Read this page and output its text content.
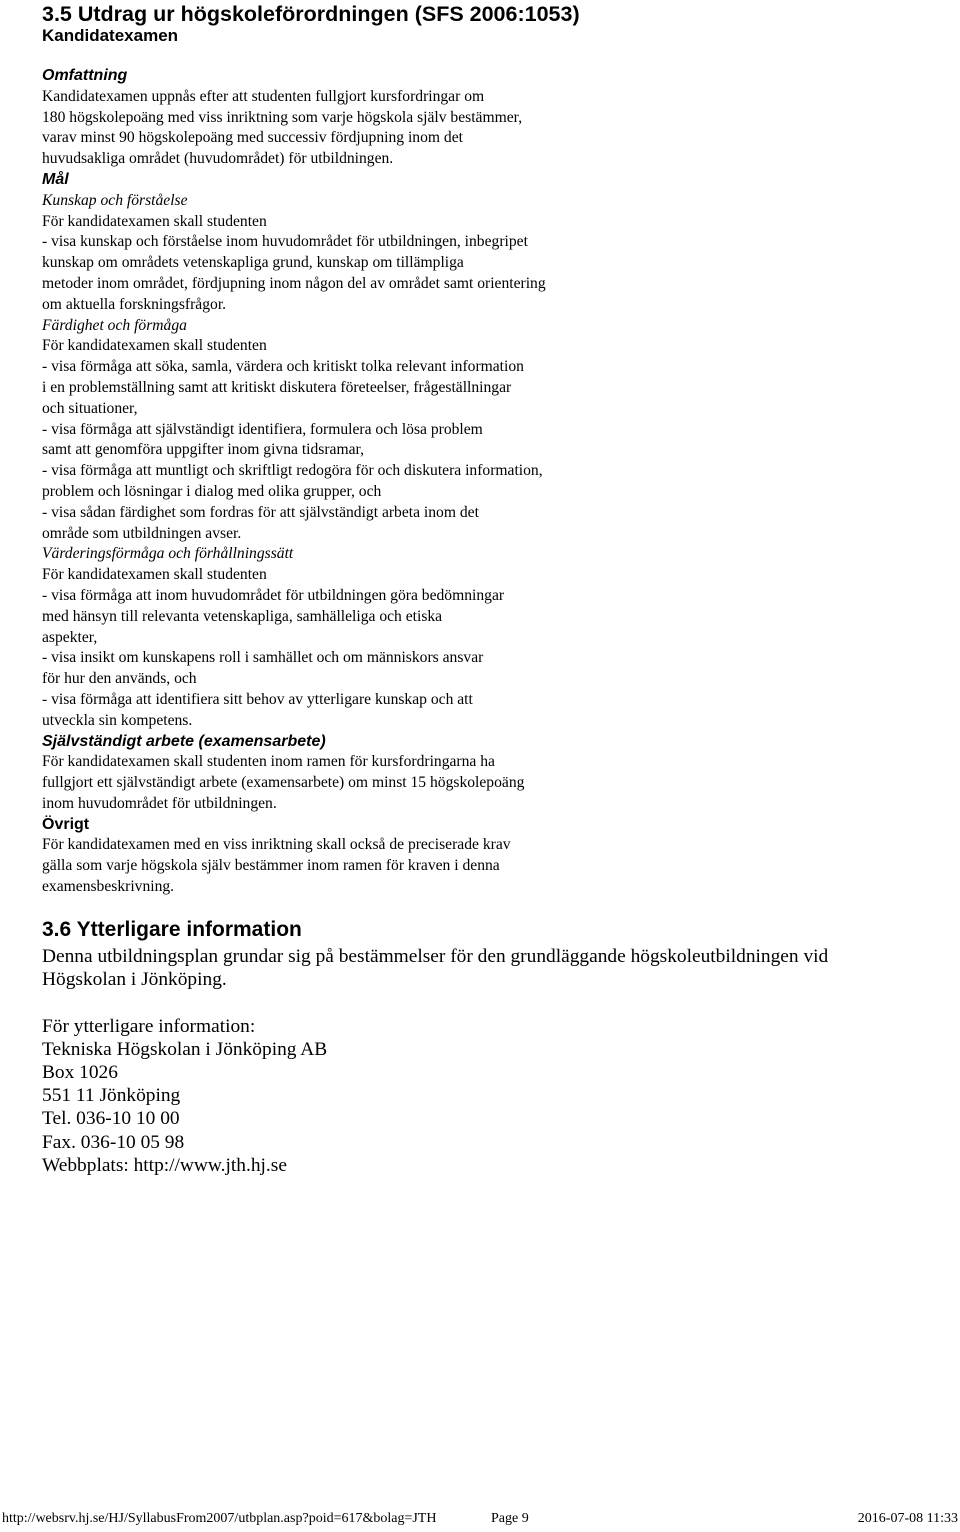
3.5 Utdrag ur högskoleförordningen (SFS 2006:1053)
Kandidatexamen
Omfattning
Kandidatexamen uppnås efter att studenten fullgjort kursfordringar om
180 högskolepoäng med viss inriktning som varje högskola själv bestämmer,
varav minst 90 högskolepoäng med successiv fördjupning inom det
huvudsakliga området (huvudområdet) för utbildningen.
Mål
Kunskap och förståelse
För kandidatexamen skall studenten
- visa kunskap och förståelse inom huvudområdet för utbildningen, inbegripet
kunskap om områdets vetenskapliga grund, kunskap om tillämpliga
metoder inom området, fördjupning inom någon del av området samt orientering
om aktuella forskningsfrågor.
Färdighet och förmåga
För kandidatexamen skall studenten
- visa förmåga att söka, samla, värdera och kritiskt tolka relevant information
i en problemställning samt att kritiskt diskutera företeelser, frågeställningar
och situationer,
- visa förmåga att självständigt identifiera, formulera och lösa problem
samt att genomföra uppgifter inom givna tidsramar,
- visa förmåga att muntligt och skriftligt redogöra för och diskutera information,
problem och lösningar i dialog med olika grupper, och
- visa sådan färdighet som fordras för att självständigt arbeta inom det
område som utbildningen avser.
Värderingsförmåga och förhållningssätt
För kandidatexamen skall studenten
- visa förmåga att inom huvudområdet för utbildningen göra bedömningar
med hänsyn till relevanta vetenskapliga, samhälleliga och etiska
aspekter,
- visa insikt om kunskapens roll i samhället och om människors ansvar
för hur den används, och
- visa förmåga att identifiera sitt behov av ytterligare kunskap och att
utveckla sin kompetens.
Självständigt arbete (examensarbete)
För kandidatexamen skall studenten inom ramen för kursfordringarna ha
fullgjort ett självständigt arbete (examensarbete) om minst 15 högskolepoäng
inom huvudområdet för utbildningen.
Övrigt
För kandidatexamen med en viss inriktning skall också de preciserade krav
gälla som varje högskola själv bestämmer inom ramen för kraven i denna
examensbeskrivning.
3.6 Ytterligare information
Denna utbildningsplan grundar sig på bestämmelser för den grundläggande högskoleutbildningen vid
Högskolan i Jönköping.
För ytterligare information:
Tekniska Högskolan i Jönköping AB
Box 1026
551 11 Jönköping
Tel. 036-10 10 00
Fax. 036-10 05 98
Webbplats: http://www.jth.hj.se
http://websrv.hj.se/HJ/SyllabusFrom2007/utbplan.asp?poid=617&bolag=JTH	Page 9	2016-07-08 11:33
